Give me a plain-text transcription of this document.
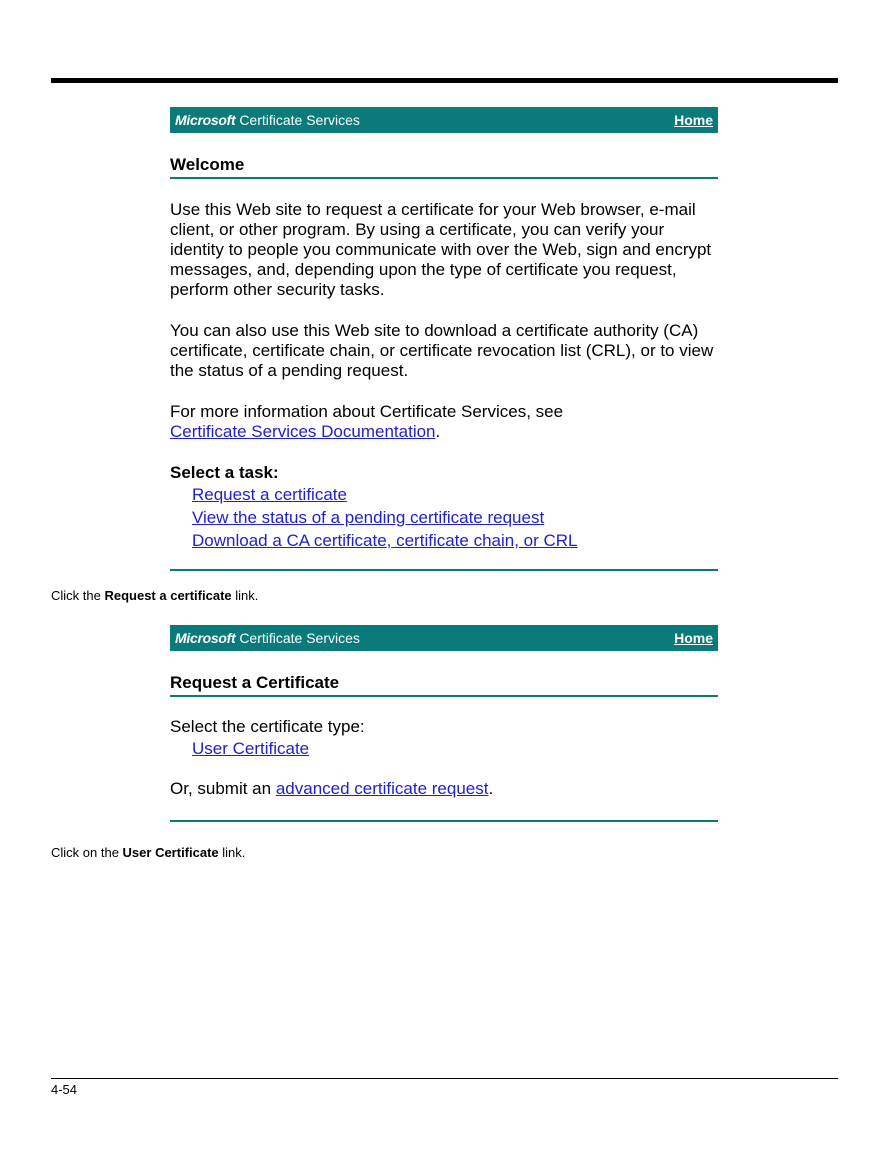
Microsoft Certificate Services	Home
Welcome

Use this Web site to request a certificate for your Web browser, e-mail client, or other program. By using a certificate, you can verify your identity to people you communicate with over the Web, sign and encrypt messages, and, depending upon the type of certificate you request, perform other security tasks.

You can also use this Web site to download a certificate authority (CA) certificate, certificate chain, or certificate revocation list (CRL), or to view the status of a pending request.

For more information about Certificate Services, see
Certificate Services Documentation.

Select a task:
Request a certificate
View the status of a pending certificate request
Download a CA certificate, certificate chain, or CRL
Click the Request a certificate link.
Microsoft Certificate Services	Home
Request a Certificate

Select the certificate type:

User Certificate

Or, submit an advanced certificate request.

Click on the User Certificate link.
4-54
